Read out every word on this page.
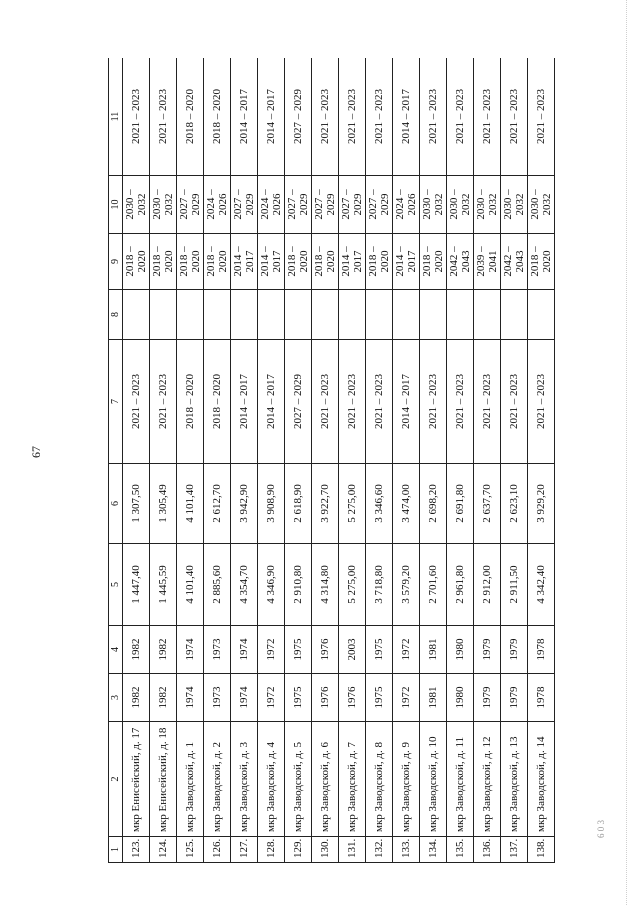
67
6 0 3
1	2	3	4	5	6	7	8	9	10	11
123.	мкр Енисейский, д. 17	1982	1982	1 447,40	1 307,50	2021 – 2023		2018 – 2020	2030 – 2032	2021 – 2023
124.	мкр Енисейский, д. 18	1982	1982	1 445,59	1 305,49	2021 – 2023		2018 – 2020	2030 – 2032	2021 – 2023
125.	мкр Заводской, д. 1	1974	1974	4 101,40	4 101,40	2018 – 2020		2018 – 2020	2027 – 2029	2018 – 2020
126.	мкр Заводской, д. 2	1973	1973	2 885,60	2 612,70	2018 – 2020		2018 – 2020	2024 – 2026	2018 – 2020
127.	мкр Заводской, д. 3	1974	1974	4 354,70	3 942,90	2014 – 2017		2014 – 2017	2027 – 2029	2014 – 2017
128.	мкр Заводской, д. 4	1972	1972	4 346,90	3 908,90	2014 – 2017		2014 – 2017	2024 – 2026	2014 – 2017
129.	мкр Заводской, д. 5	1975	1975	2 910,80	2 618,90	2027 – 2029		2018 – 2020	2027 – 2029	2027 – 2029
130.	мкр Заводской, д. 6	1976	1976	4 314,80	3 922,70	2021 – 2023		2018 – 2020	2027 – 2029	2021 – 2023
131.	мкр Заводской, д. 7	1976	2003	5 275,00	5 275,00	2021 – 2023		2014 – 2017	2027 – 2029	2021 – 2023
132.	мкр Заводской, д. 8	1975	1975	3 718,80	3 346,60	2021 – 2023		2018 – 2020	2027 – 2029	2021 – 2023
133.	мкр Заводской, д. 9	1972	1972	3 579,20	3 474,00	2014 – 2017		2014 – 2017	2024 – 2026	2014 – 2017
134.	мкр Заводской, д. 10	1981	1981	2 701,60	2 698,20	2021 – 2023		2018 – 2020	2030 – 2032	2021 – 2023
135.	мкр Заводской, д. 11	1980	1980	2 961,80	2 691,80	2021 – 2023		2042 – 2043	2030 – 2032	2021 – 2023
136.	мкр Заводской, д. 12	1979	1979	2 912,00	2 637,70	2021 – 2023		2039 – 2041	2030 – 2032	2021 – 2023
137.	мкр Заводской, д. 13	1979	1979	2 911,50	2 623,10	2021 – 2023		2042 – 2043	2030 – 2032	2021 – 2023
138.	мкр Заводской, д. 14	1978	1978	4 342,40	3 929,20	2021 – 2023		2018 – 2020	2030 – 2032	2021 – 2023
